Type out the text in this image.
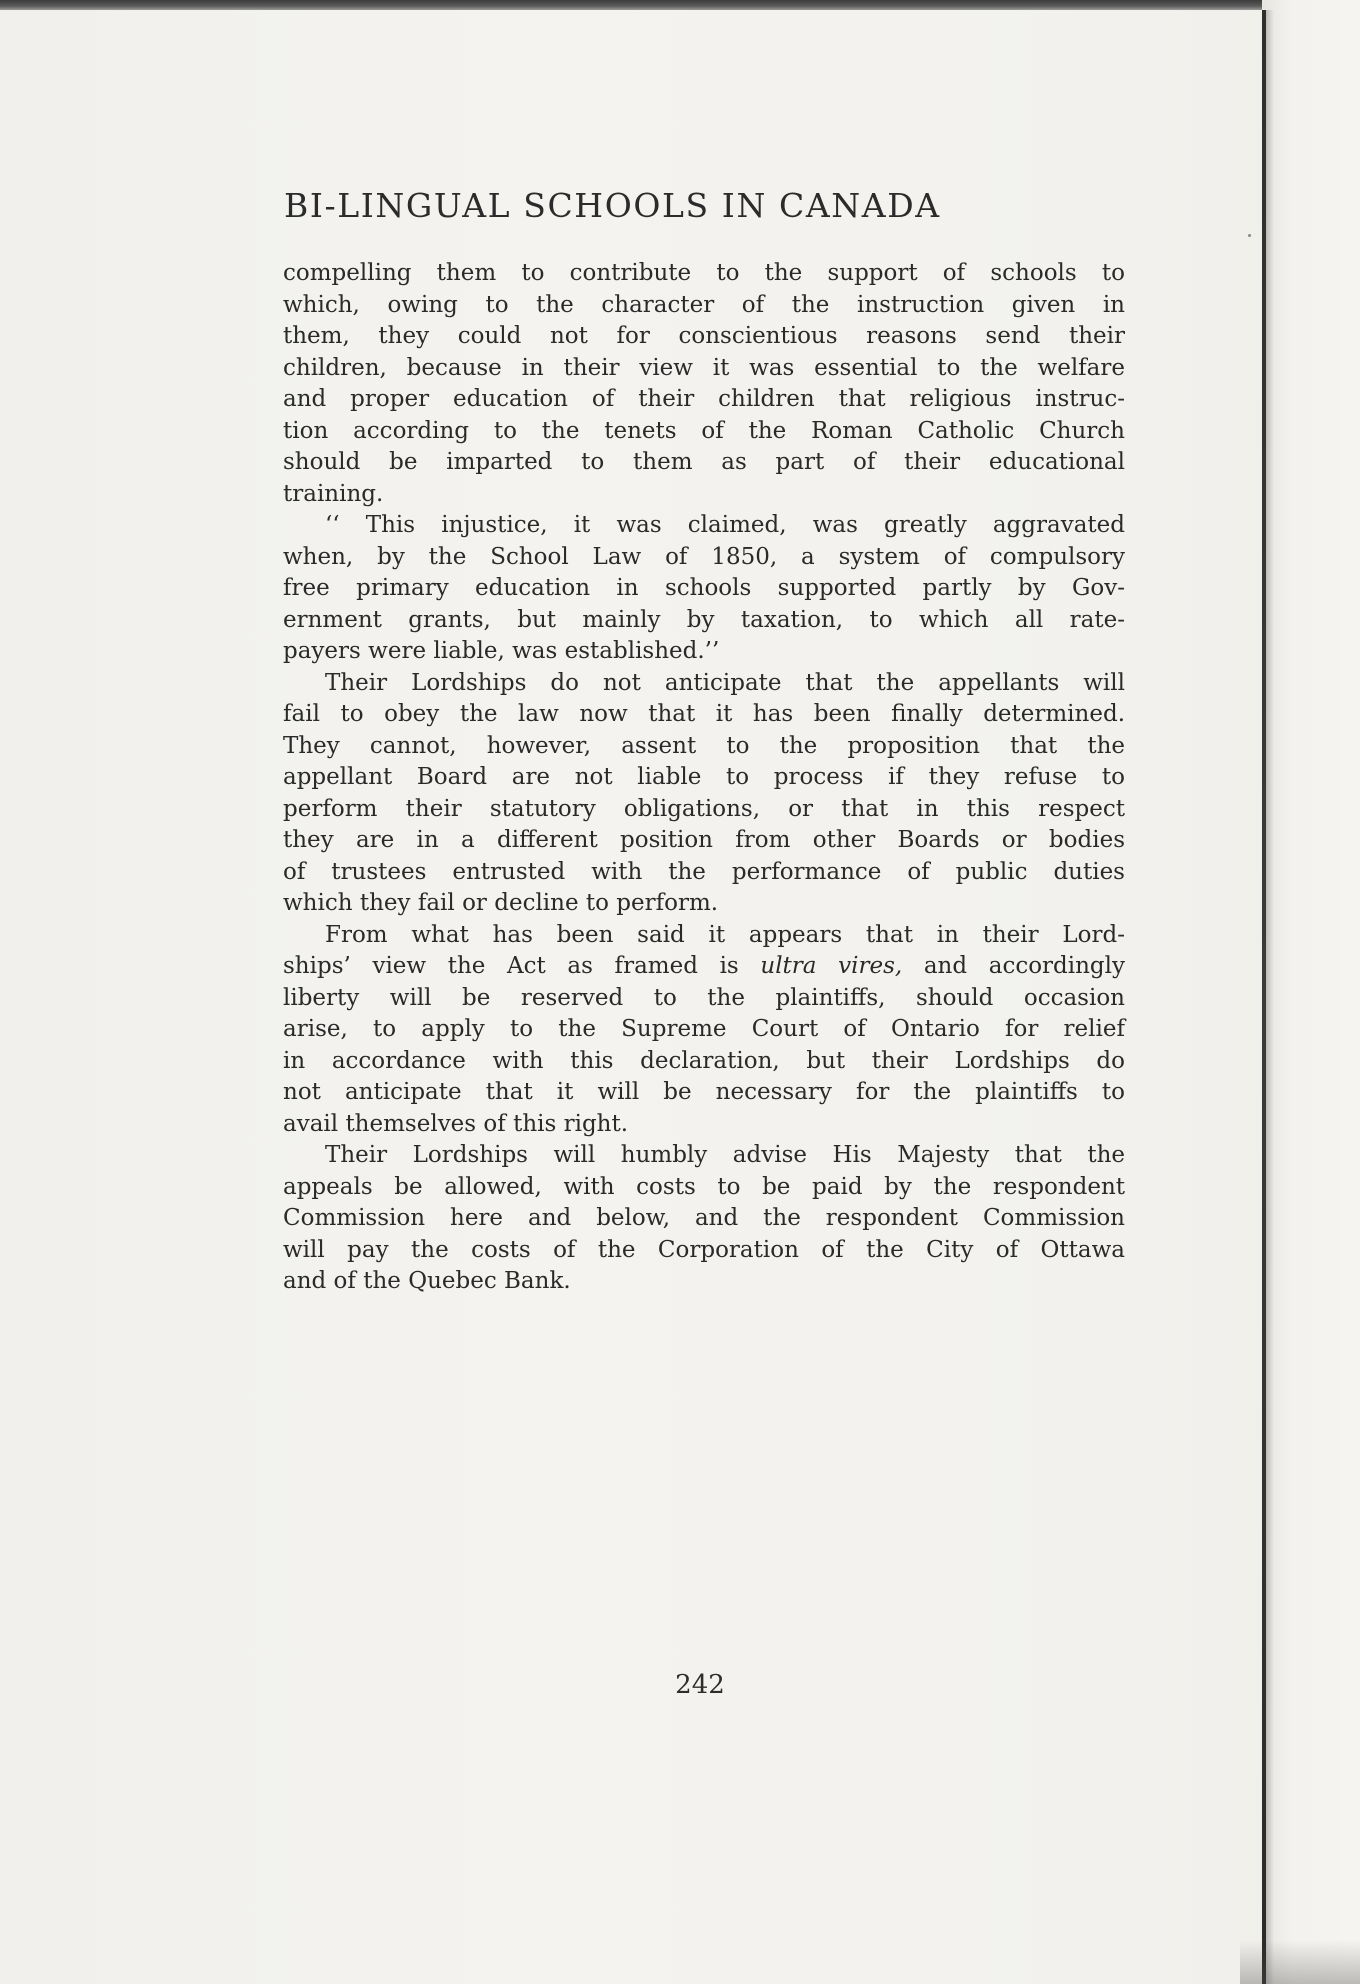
BI-LINGUAL SCHOOLS IN CANADA
compelling them to contribute to the support of schools to
which, owing to the character of the instruction given in
them, they could not for conscientious reasons send their
children, because in their view it was essential to the welfare
and proper education of their children that religious instruc-
tion according to the tenets of the Roman Catholic Church
should be imparted to them as part of their educational
training.
‘‘ This injustice, it was claimed, was greatly aggravated
when, by the School Law of 1850, a system of compulsory
free primary education in schools supported partly by Gov-
ernment grants, but mainly by taxation, to which all rate-
payers were liable, was established.’’
Their Lordships do not anticipate that the appellants will
fail to obey the law now that it has been finally determined.
They cannot, however, assent to the proposition that the
appellant Board are not liable to process if they refuse to
perform their statutory obligations, or that in this respect
they are in a different position from other Boards or bodies
of trustees entrusted with the performance of public duties
which they fail or decline to perform.
From what has been said it appears that in their Lord-
ships’ view the Act as framed is ultra vires, and accordingly
liberty will be reserved to the plaintiffs, should occasion
arise, to apply to the Supreme Court of Ontario for relief
in accordance with this declaration, but their Lordships do
not anticipate that it will be necessary for the plaintiffs to
avail themselves of this right.
Their Lordships will humbly advise His Majesty that the
appeals be allowed, with costs to be paid by the respondent
Commission here and below, and the respondent Commission
will pay the costs of the Corporation of the City of Ottawa
and of the Quebec Bank.
242
